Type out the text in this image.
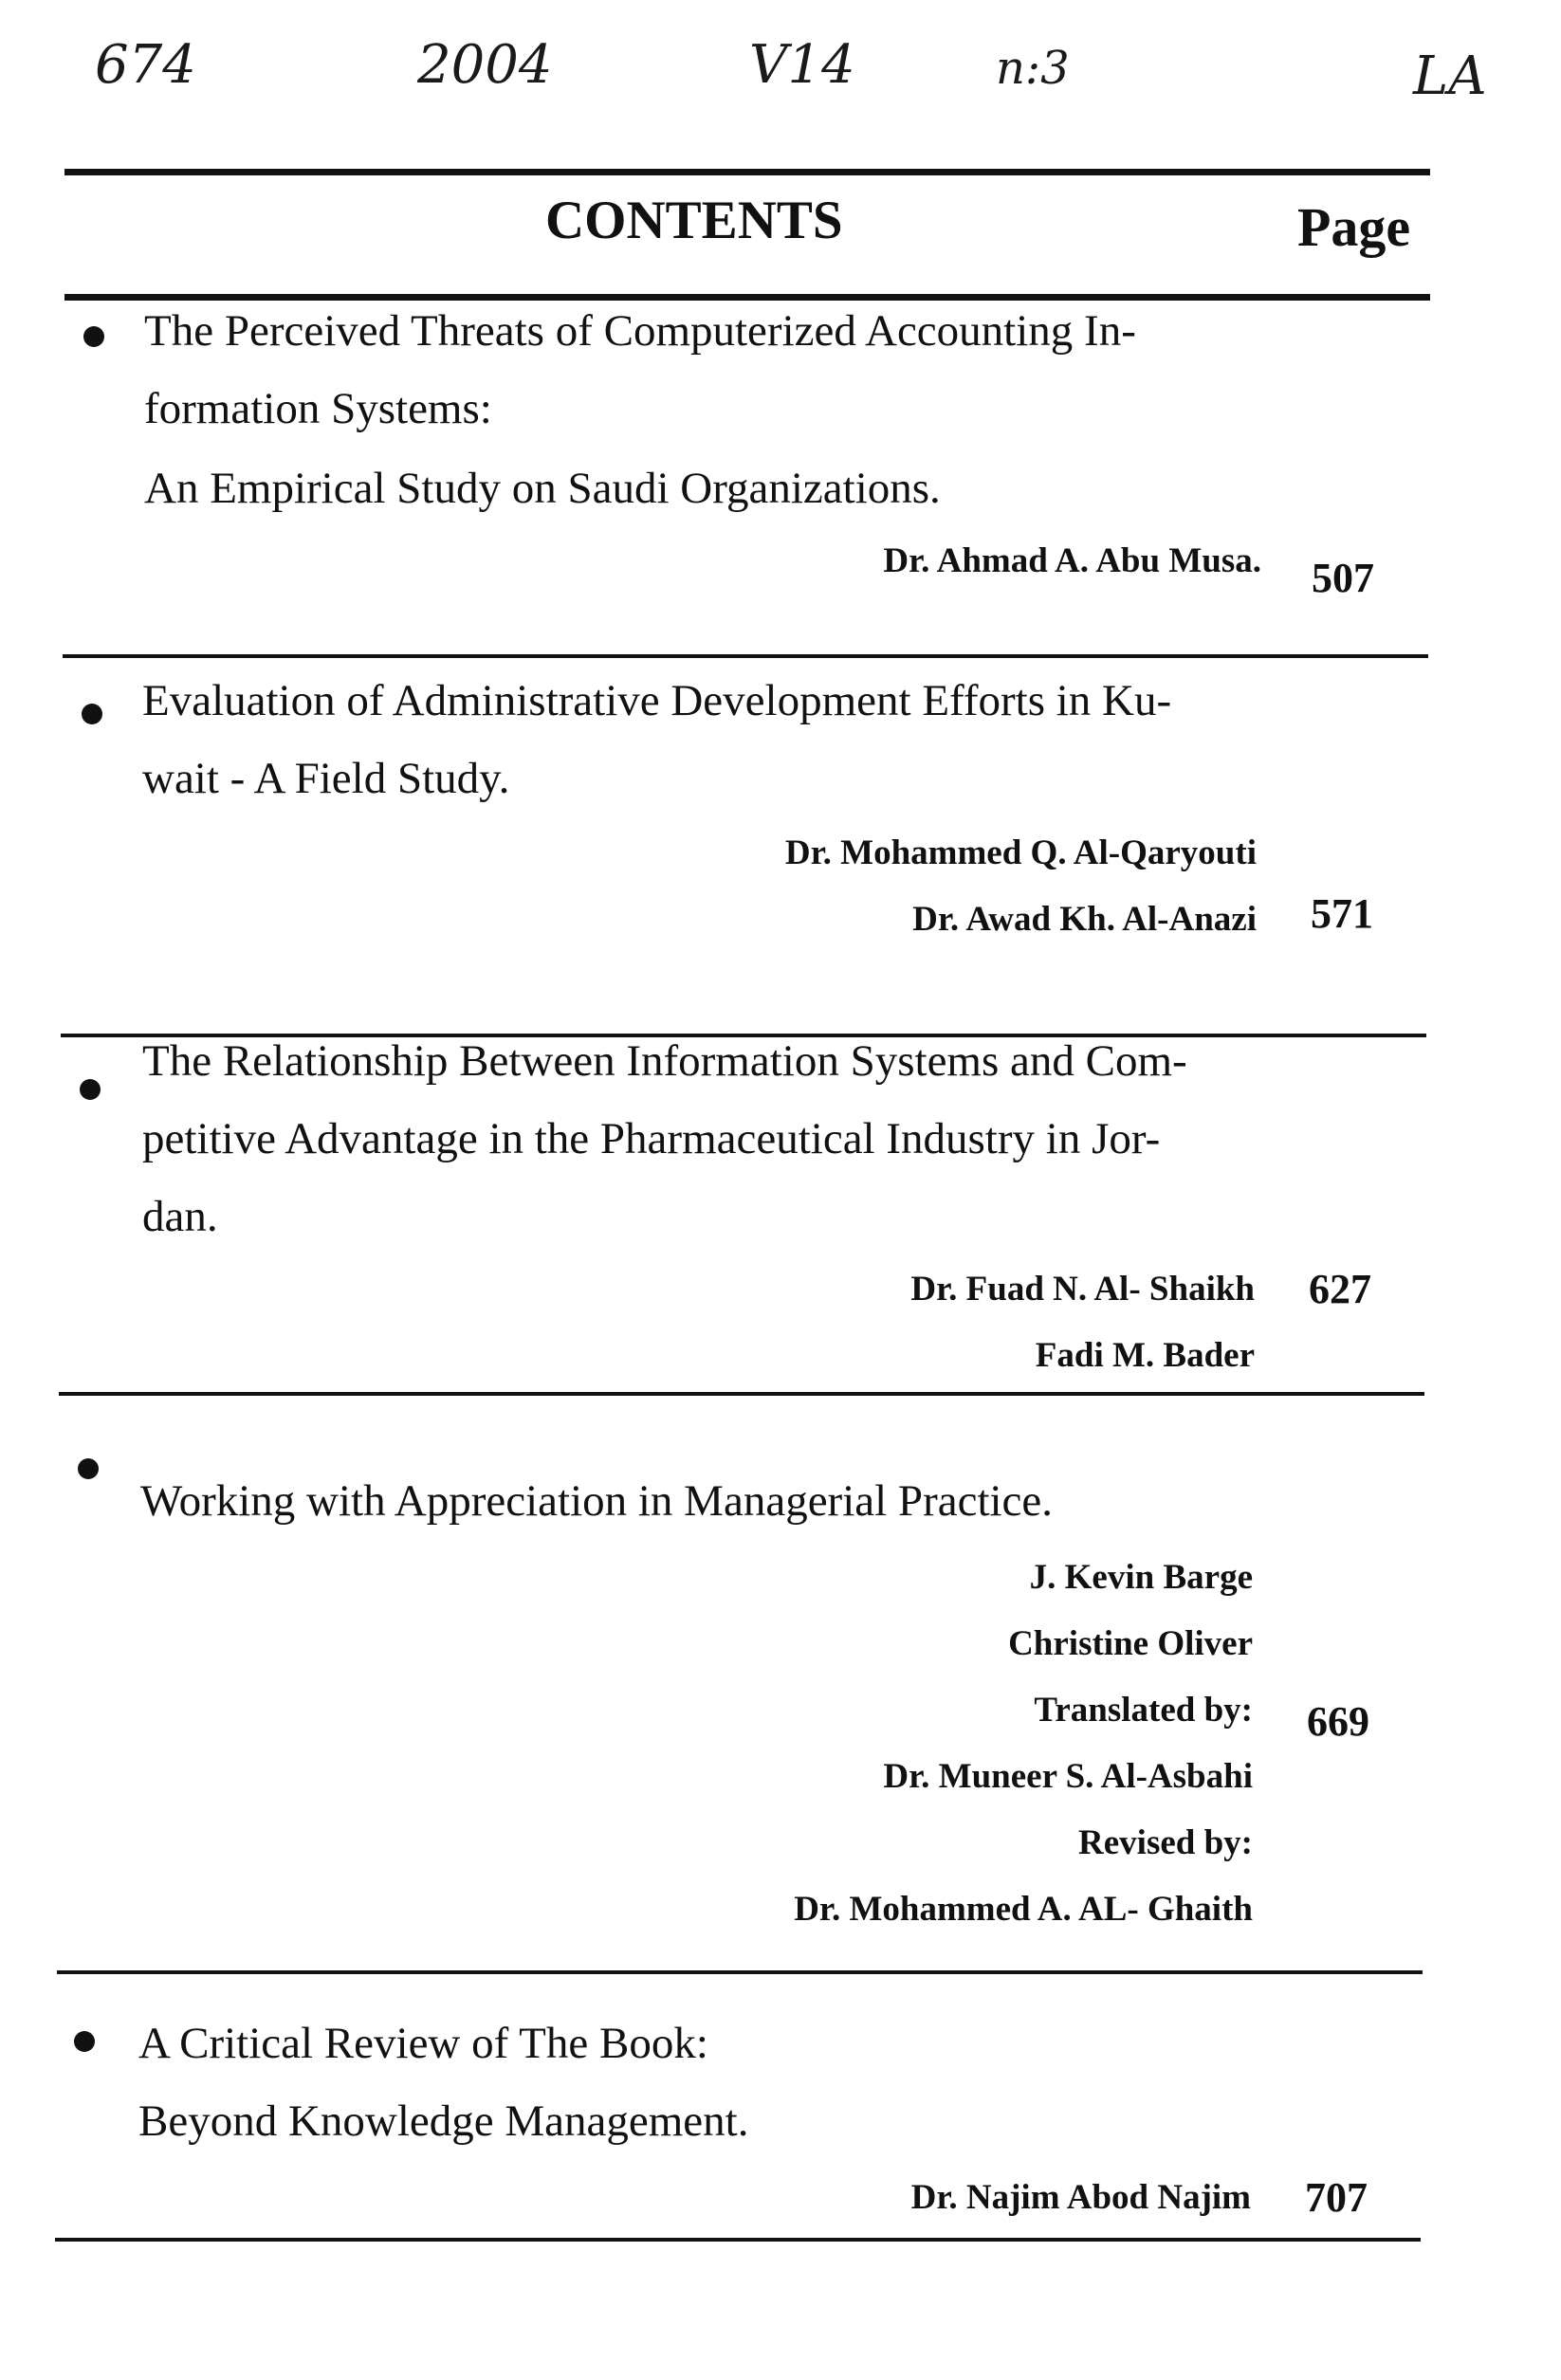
674	2004	V14	n:3	LA
CONTENTS	Page
The Perceived Threats of Computerized Accounting In-
formation Systems:
An Empirical Study on Saudi Organizations.
Dr. Ahmad A. Abu Musa. 507
Evaluation of Administrative Development Efforts in Ku-
wait - A Field Study.
Dr. Mohammed Q. Al-Qaryouti
Dr. Awad Kh. Al-Anazi 571
The Relationship Between Information Systems and Com-
petitive Advantage in the Pharmaceutical Industry in Jor-
dan.
Dr. Fuad N. Al- Shaikh
Fadi M. Bader
627
Working with Appreciation in Managerial Practice.
J. Kevin Barge
Christine Oliver
Translated by:
Dr. Muneer S. Al-Asbahi
Revised by:
Dr. Mohammed A. AL- Ghaith
669
A Critical Review of The Book:
Beyond Knowledge Management.
Dr. Najim Abod Najim 707
